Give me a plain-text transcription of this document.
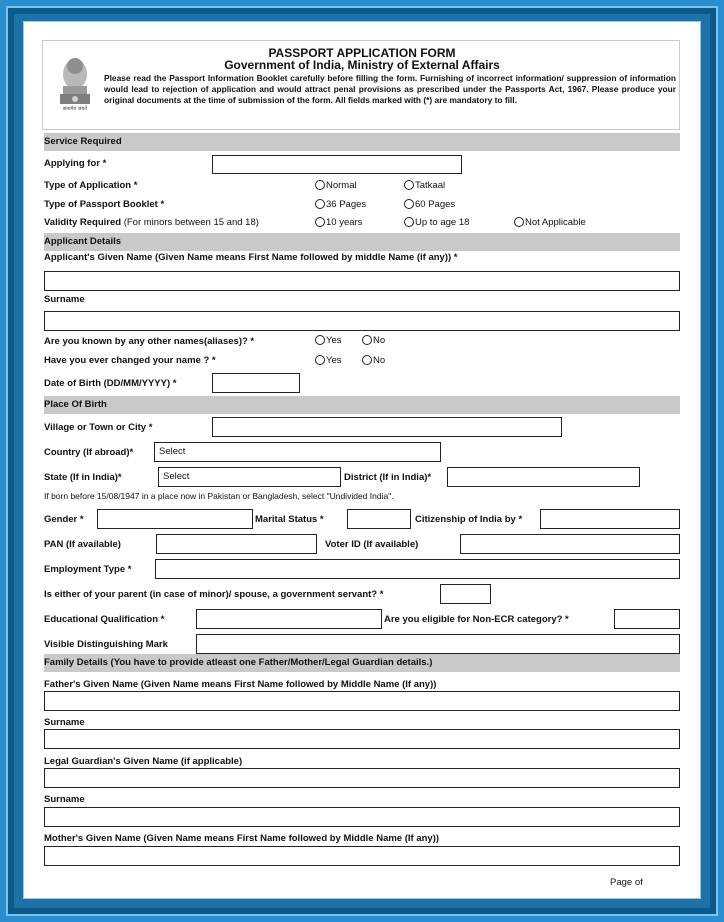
सत्यमेव जयते
PASSPORT APPLICATION FORM
Government of India, Ministry of External Affairs
Please read the Passport Information Booklet carefully before filling the form. Furnishing of incorrect information/ suppression of information would lead to rejection of application and would attract penal provisions as prescribed under the Passports Act, 1967. Please produce your original documents at the time of submission of the form. All fields marked with (*) are mandatory to fill.
Service Required
Applying for *
Type of Application *	Normal	Tatkaal
Type of Passport Booklet *	36 Pages	60 Pages
Validity Required (For minors between 15 and 18)	10 years	Up to age 18	Not Applicable
Applicant Details
Applicant's Given Name (Given Name means First Name followed by middle Name (if any)) *
Surname
Are you known by any other names(aliases)? *	Yes	No
Have you ever changed your name ? *	Yes	No
Date of Birth (DD/MM/YYYY) *
Place Of Birth
Village or Town or City *
Country (If abroad)*	Select
State (If in India)*	Select	District (If in India)*
If born before 15/08/1947 in a place now in Pakistan or Bangladesh, select "Undivided India".
Gender *	Marital Status *	Citizenship of India by *
PAN (If available)	Voter ID (If available)
Employment Type *
Is either of your parent (in case of minor)/ spouse, a government servant? *
Educational Qualification *	Are you eligible for Non-ECR category? *
Visible Distinguishing Mark
Family Details (You have to provide atleast one Father/Mother/Legal Guardian details.)
Father's Given Name (Given Name means First Name followed by Middle Name (If any))
Surname
Legal Guardian's Given Name (if applicable)
Surname
Mother's Given Name (Given Name means First Name followed by Middle Name (If any))
Page of
